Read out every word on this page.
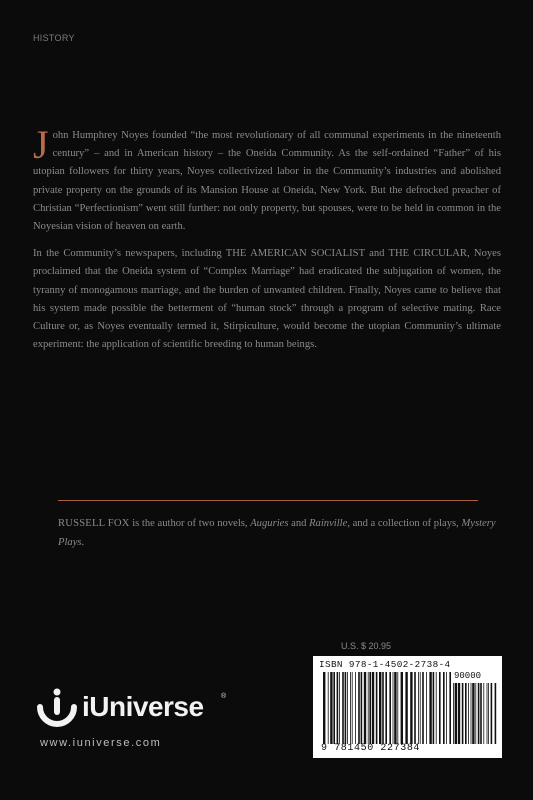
HISTORY

John Humphrey Noyes founded “the most revolutionary of all communal experiments in the nineteenth century” – and in American history – the Oneida Community. As the self-ordained “Father” of his utopian followers for thirty years, Noyes collectivized labor in the Community’s industries and abolished private property on the grounds of its Mansion House at Oneida, New York. But the defrocked preacher of Christian “Perfectionism” went still further: not only property, but spouses, were to be held in common in the Noyesian vision of heaven on earth.

In the Community’s newspapers, including THE AMERICAN SOCIALIST and THE CIRCULAR, Noyes proclaimed that the Oneida system of “Complex Marriage” had eradicated the subjugation of women, the tyranny of monogamous marriage, and the burden of unwanted children. Finally, Noyes came to believe that his system made possible the betterment of “human stock” through a program of selective mating. Race Culture or, as Noyes eventually termed it, Stirpiculture, would become the utopian Community’s ultimate experiment: the application of scientific breeding to human beings.

RUSSELL FOX is the author of two novels, Auguries and Rainville, and a collection of plays, Mystery Plays.
U.S. $ 20.95
ISBN 978-1-4502-2738-4
90000
9 781450 227384
iUniverse ®
www.iuniverse.com
